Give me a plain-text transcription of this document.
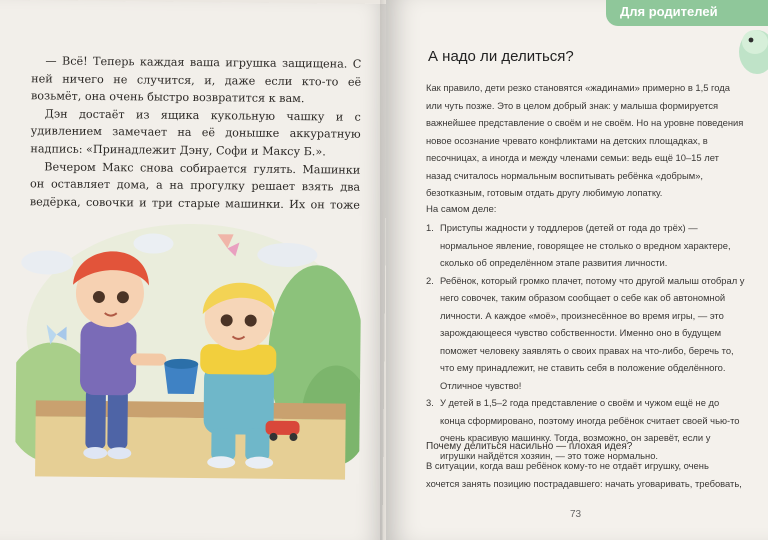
— Всё! Теперь каждая ваша игрушка защищена. С ней ничего не случится, и, даже если кто-то её возьмёт, она очень быстро возвратится к вам.

Дэн достаёт из ящика кукольную чашку и с удивлением замечает на её донышке аккуратную надпись: «Принадлежит Дэну, Софи и Максу Б.».

Вечером Макс снова собирается гулять. Машинки он оставляет дома, а на прогулку решает взять два ведёрка, совочки и три старые машинки. Их он тоже

Для родителей
А надо ли делиться?
Как правило, дети резко становятся «жадинами» примерно в 1,5 года или чуть позже. Это в целом добрый знак: у малыша формируется важнейшее представление о своём и не своём. Но на уровне поведения новое осознание чревато конфликтами на детских площадках, в песочницах, а иногда и между членами семьи: ведь ещё 10–15 лет назад считалось нормальным воспитывать ребёнка «добрым», безотказным, готовым отдать другу любимую лопатку.
На самом деле:
1. Приступы жадности у тоддлеров (детей от года до трёх) — нормальное явление, говорящее не столько о вредном характере, сколько об определённом этапе развития личности.
2. Ребёнок, который громко плачет, потому что другой малыш отобрал у него совочек, таким образом сообщает о себе как об автономной личности. А каждое «моё», произнесённое во время игры, — это зарождающееся чувство собственности. Именно оно в будущем поможет человеку заявлять о своих правах на что-либо, беречь то, что ему принадлежит, не ставить себя в положение обделённого. Отличное чувство!
3. У детей в 1,5–2 года представление о своём и чужом ещё не до конца сформировано, поэтому иногда ребёнок считает своей чью-то очень красивую машинку. Тогда, возможно, он заревёт, если у игрушки найдётся хозяин, — это тоже нормально.
Почему делиться насильно — плохая идея?
В ситуации, когда ваш ребёнок кому-то не отдаёт игрушку, очень хочется занять позицию пострадавшего: начать уговаривать, требовать,
73
